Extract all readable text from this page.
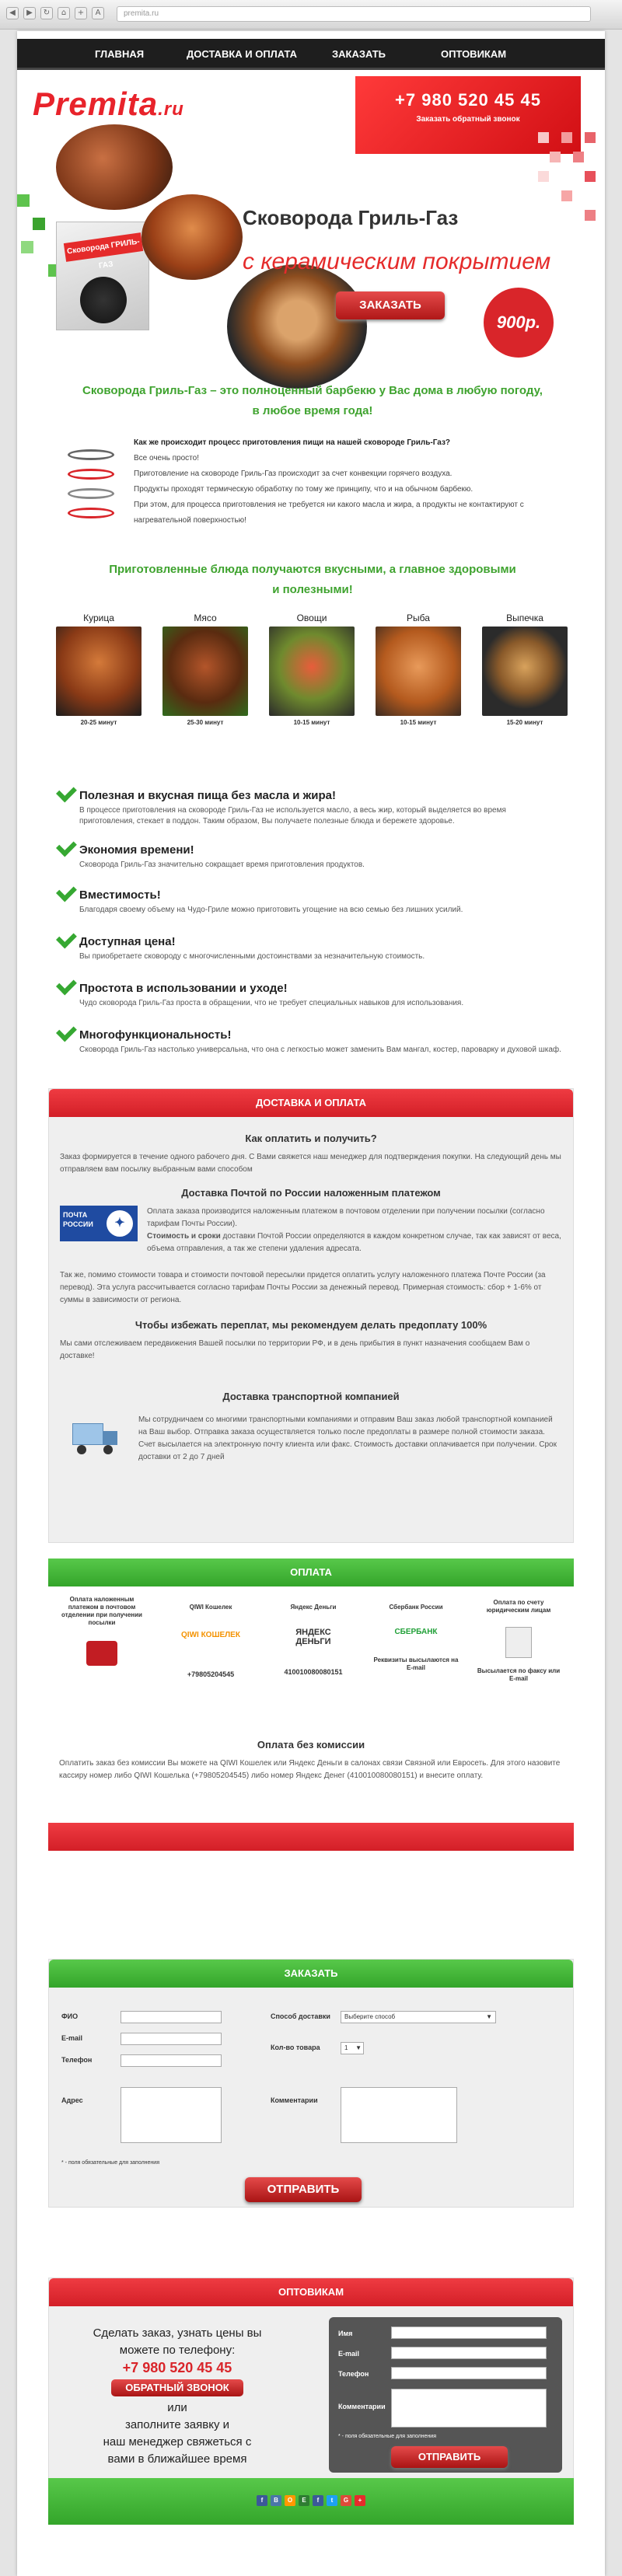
◀	▶	↻	⌂	+	A	premita.ru
ГЛАВНАЯ	ДОСТАВКА И ОПЛАТА	ЗАКАЗАТЬ	ОПТОВИКАМ
Premita.ru	+7 980 520 45 45
Заказать обратный звонок
Сковорода ГРИЛЬ-ГАЗ
Сковорода Гриль-Газ
с керамическим покрытием
ЗАКАЗАТЬ
900р.
Сковорода Гриль-Газ – это полноценный барбекю у Вас дома в любую погоду,
в любое время года!
Как же происходит процесс приготовления пищи на нашей сковороде Гриль-Газ?
Все очень просто!
Приготовление на сковороде Гриль-Газ происходит за счет конвекции горячего воздуха.
Продукты проходят термическую обработку по тому же принципу, что и на обычном барбекю.
При этом, для процесса приготовления не требуется ни какого масла и жира, а продукты не контактируют с нагревательной поверхностью!
Приготовленные блюда получаются вкусными, а главное здоровыми
и полезными!
Курица
20-25 минут
Мясо
25-30 минут
Овощи
10-15 минут
Рыба
10-15 минут
Выпечка
15-20 минут
Полезная и вкусная пища без масла и жира!

В процессе приготовления на сковороде Гриль-Газ не используется масло, а весь жир, который выделяется во время приготовления, стекает в поддон. Таким образом, Вы получаете полезные блюда и бережете здоровье.

Экономия времени!

Сковорода Гриль-Газ значительно сокращает время приготовления продуктов.

Вместимость!

Благодаря своему объему на Чудо-Гриле можно приготовить угощение на всю семью без лишних усилий.

Доступная цена!

Вы приобретаете сковороду с многочисленными достоинствами за незначительную стоимость.

Простота в использовании и уходе!

Чудо сковорода Гриль-Газ проста в обращении, что не требует специальных навыков для использования.

Многофункциональность!

Сковорода Гриль-Газ настолько универсальна, что она с легкостью может заменить Вам мангал, костер, пароварку и духовой шкаф.

ДОСТАВКА И ОПЛАТА
Как оплатить и получить?
Заказ формируется в течение одного рабочего дня. С Вами свяжется наш менеджер для подтверждения покупки. На следующий день мы отправляем вам посылку выбранным вами способом
Доставка Почтой по России наложенным платежом
ПОЧТА РОССИИ	✦
Оплата заказа производится наложенным платежом в почтовом отделении при получении посылки (согласно тарифам Почты России).
Стоимость и сроки доставки Почтой России определяются в каждом конкретном случае, так как зависят от веса, объема отправления, а так же степени удаления адресата.
Так же, помимо стоимости товара и стоимости почтовой пересылки придется оплатить услугу наложенного платежа Почте России (за перевод). Эта услуга рассчитывается согласно тарифам Почты России за денежный перевод. Примерная стоимость: сбор + 1-6% от суммы в зависимости от региона.
Чтобы избежать переплат, мы рекомендуем делать предоплату 100%
Мы сами отслеживаем передвижения Вашей посылки по территории РФ, и в день прибытия в пункт назначения сообщаем Вам о доставке!
Доставка транспортной компанией
Мы сотрудничаем со многими транспортными компаниями и отправим Ваш заказ любой транспортной компанией на Ваш выбор. Отправка заказа осуществляется только после предоплаты в размере полной стоимости заказа. Счет высылается на электронную почту клиента или факс. Стоимость доставки оплачивается при получении. Срок доставки от 2 до 7 дней
ОПЛАТА
Оплата наложенным платежом в почтовом отделении при получении посылки
QIWI Кошелек
QIWI КОШЕЛЕК
+79805204545
Яндекс Деньги
ЯНДЕКС ДЕНЬГИ
410010080080151
Сбербанк России
СБЕРБАНК
Реквизиты высылаются на E-mail
Оплата по счету юридическим лицам
Высылается по факсу или E-mail
Оплата без комиссии
Оплатить заказ без комиссии Вы можете на QIWI Кошелек или Яндекс Деньги в салонах связи Связной или Евросеть. Для этого назовите кассиру номер либо QIWI Кошелька (+79805204545) либо номер Яндекс Денег (410010080080151) и внесите оплату.
ЗАКАЗАТЬ
ФИО
E-mail
Телефон
Адрес
Способ доставки	Выберите способ	▼
Кол-во товара	1 ▼
Комментарии
* - поля обязательные для заполнения
ОТПРАВИТЬ
ОПТОВИКАМ
Сделать заказ, узнать цены вы
можете по телефону:
+7 980 520 45 45
ОБРАТНЫЙ ЗВОНОК
или
заполните заявку и
наш менеджер свяжеться с
вами в ближайшее время
Имя
E-mail
Телефон
Комментарии
* - поля обязательные для заполнения
ОТПРАВИТЬ
f	B	O	E	f	t	G	+
